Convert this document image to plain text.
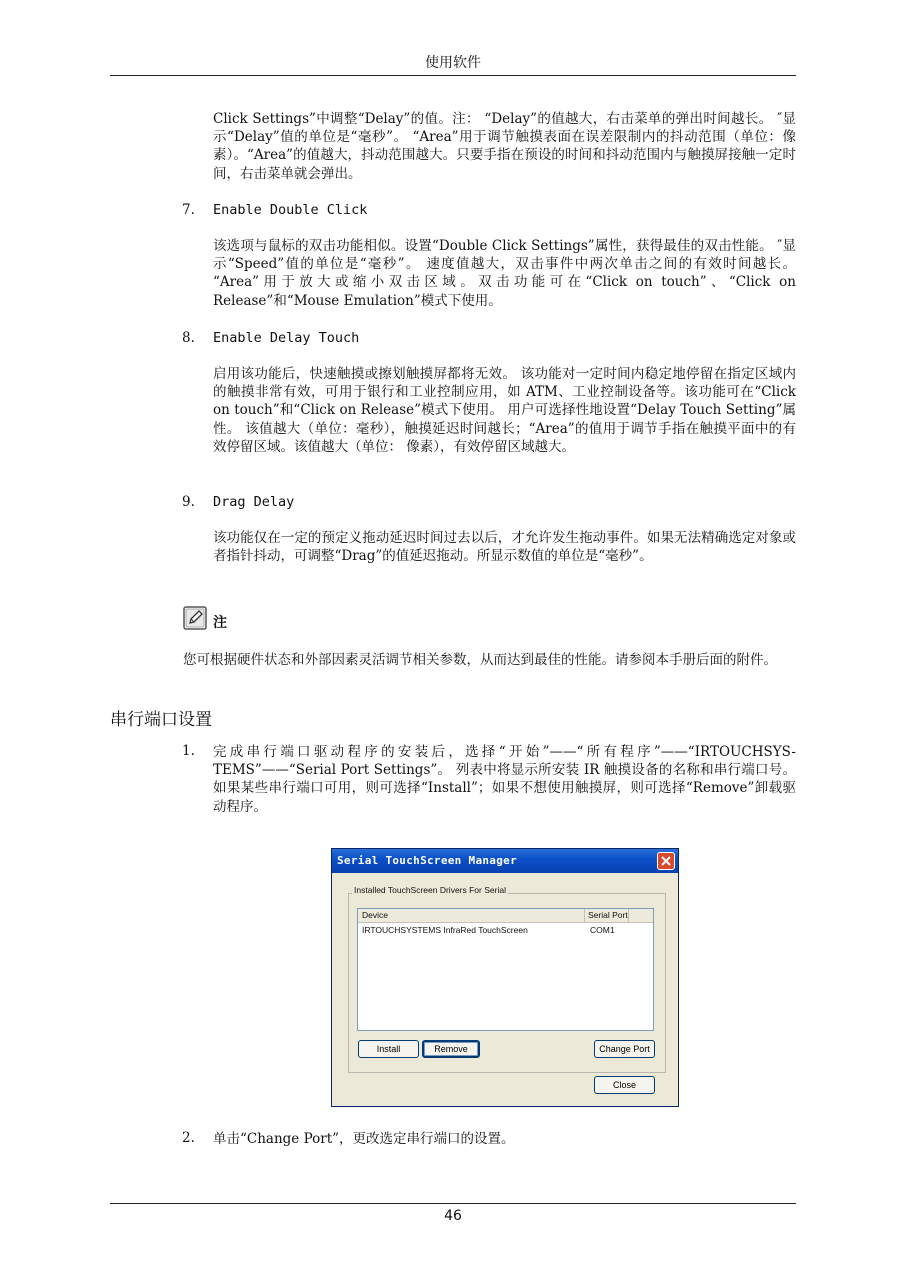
使用软件
Click Settings”中调整“Delay”的值。注： “Delay”的值越大，右击菜单的弹出时间越长。 ″显示“Delay”值的单位是“毫秒”。 “Area”用于调节触摸表面在误差限制内的抖动范围（单位：像素）。“Area”的值越大，抖动范围越大。只要手指在预设的时间和抖动范围内与触摸屏接触一定时间，右击菜单就会弹出。
7. Enable Double Click
该选项与鼠标的双击功能相似。设置“Double Click Settings”属性，获得最佳的双击性能。 ″显示“Speed”值的单位是“毫秒”。 速度值越大，双击事件中两次单击之间的有效时间越长。 “Area”用于放大或缩小双击区域。双击功能可在“Click on touch”、“Click on Release”和“Mouse Emulation”模式下使用。
8. Enable Delay Touch
启用该功能后，快速触摸或擦划触摸屏都将无效。 该功能对一定时间内稳定地停留在指定区域内的触摸非常有效，可用于银行和工业控制应用，如 ATM、工业控制设备等。该功能可在“Click on touch”和“Click on Release”模式下使用。 用户可选择性地设置“Delay Touch Setting”属性。 该值越大（单位：毫秒），触摸延迟时间越长；“Area”的值用于调节手指在触摸平面中的有效停留区域。该值越大（单位： 像素），有效停留区域越大。
9. Drag Delay
该功能仅在一定的预定义拖动延迟时间过去以后，才允许发生拖动事件。如果无法精确选定对象或者指针抖动，可调整“Drag”的值延迟拖动。所显示数值的单位是“毫秒”。
注
您可根据硬件状态和外部因素灵活调节相关参数，从而达到最佳的性能。请参阅本手册后面的附件。
串行端口设置
1. 完成串行端口驱动程序的安装后，选择“开始”——“所有程序”——“IRTOUCHSYS-TEMS”——“Serial Port Settings”。 列表中将显示所安装 IR 触摸设备的名称和串行端口号。如果某些串行端口可用，则可选择“Install”；如果不想使用触摸屏，则可选择“Remove”卸载驱动程序。
Serial TouchScreen Manager
Installed TouchScreen Drivers For Serial
Device	Serial Port
IRTOUCHSYSTEMS InfraRed TouchScreen	COM1
Install	Remove	Change Port
Close
2. 单击“Change Port”，更改选定串行端口的设置。
46
